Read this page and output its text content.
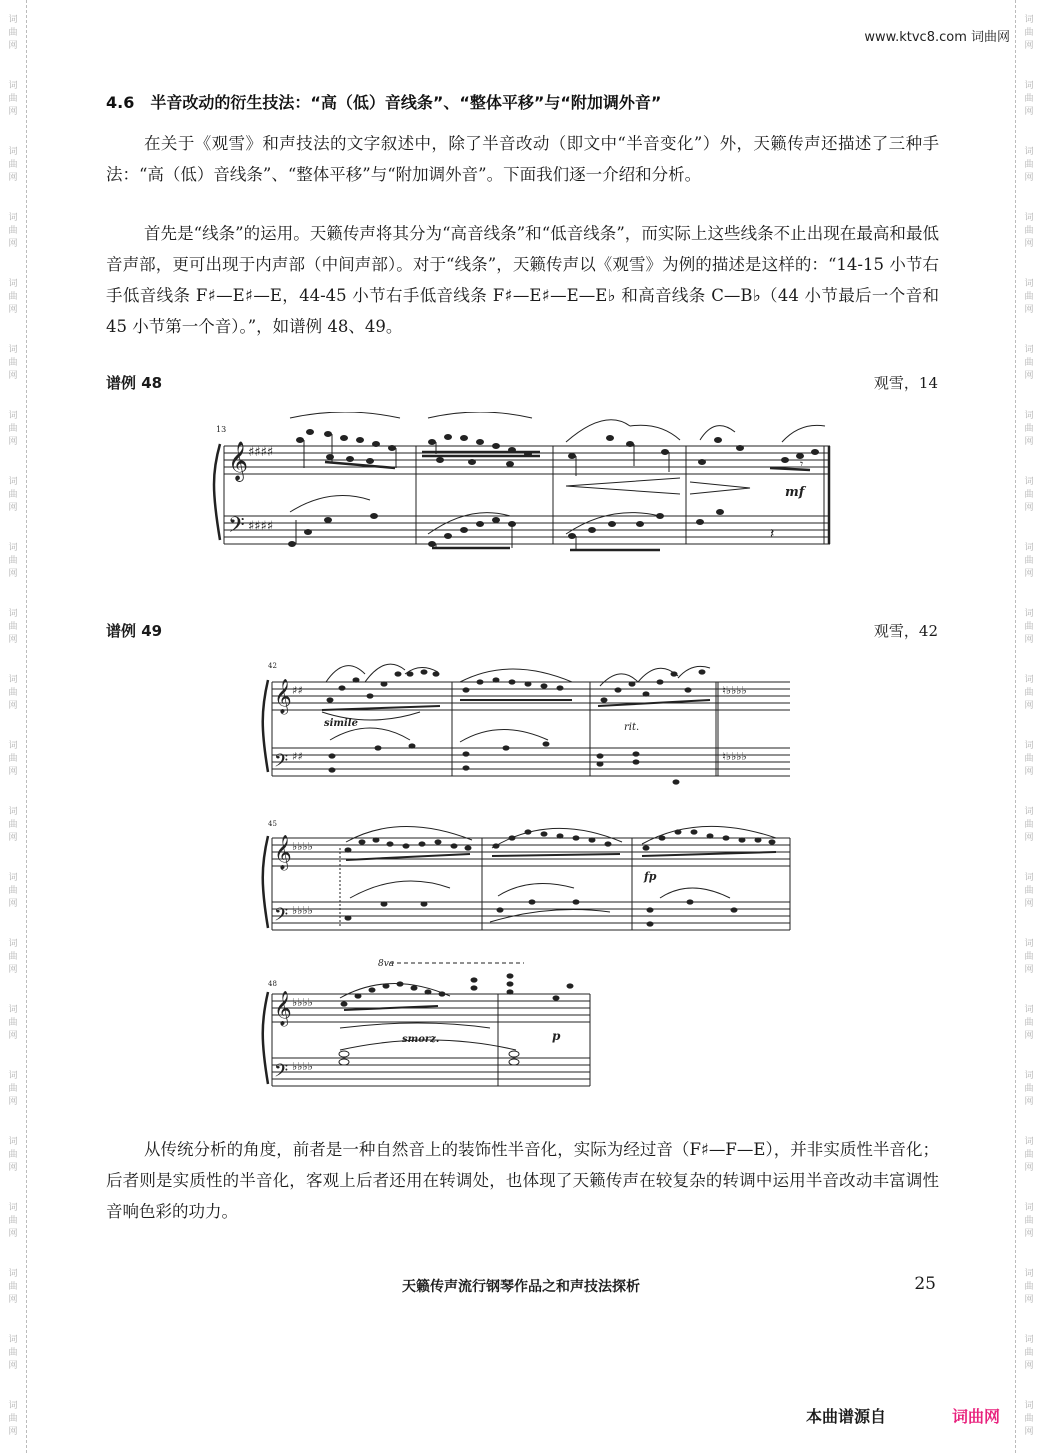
词
曲
网
词
曲
网
词
曲
网
词
曲
网
词
曲
网
词
曲
网
词
曲
网
词
曲
网
词
曲
网
词
曲
网
词
曲
网
词
曲
网
词
曲
网
词
曲
网
词
曲
网
词
曲
网
词
曲
网
词
曲
网
词
曲
网
词
曲
网
词
曲
网
词
曲
网
词
曲
网
词
曲
网
词
曲
网
词
曲
网
词
曲
网
词
曲
网
词
曲
网
词
曲
网
词
曲
网
词
曲
网
词
曲
网
词
曲
网
词
曲
网
词
曲
网
词
曲
网
词
曲
网
词
曲
网
词
曲
网
词
曲
网
词
曲
网
词
曲
网
词
曲
网
www.ktvc8.com 词曲网
4.6　半音改动的衍生技法：“高（低）音线条”、“整体平移”与“附加调外音”

在关于《观雪》和声技法的文字叙述中，除了半音改动（即文中“半音变化”）外，天籁传声还描述了三种手法：“高（低）音线条”、“整体平移”与“附加调外音”。下面我们逐一介绍和分析。

首先是“线条”的运用。天籁传声将其分为“高音线条”和“低音线条”，而实际上这些线条不止出现在最高和最低音声部，更可出现于内声部（中间声部）。对于“线条”，天籁传声以《观雪》为例的描述是这样的：“14-15 小节右手低音线条 F♯—E♯—E，44-45 小节右手低音线条 F♯—E♯—E—E♭ 和高音线条 C—B♭（44 小节最后一个音和 45 小节第一个音）。”，如谱例 48、49。

谱例 48	观雪，14
𝄞
𝄢
♯♯♯♯
♯♯♯♯
13
mf
𝄽
𝄾
谱例 49	观雪，42
𝄞
𝄢
♯♯
♯♯
♮♭♭♭♭
♮♭♭♭♭
42
simile	rit.
𝄞
𝄢
♭♭♭♭
♭♭♭♭
45
fp
𝄞
𝄢
♭♭♭♭
♭♭♭♭
48
8va
smorz.	p

从传统分析的角度，前者是一种自然音上的装饰性半音化，实际为经过音（F♯—F—E），并非实质性半音化；后者则是实质性的半音化，客观上后者还用在转调处，也体现了天籁传声在较复杂的转调中运用半音改动丰富调性音响色彩的功力。

天籁传声流行钢琴作品之和声技法探析	25
本曲谱源自	词曲网
